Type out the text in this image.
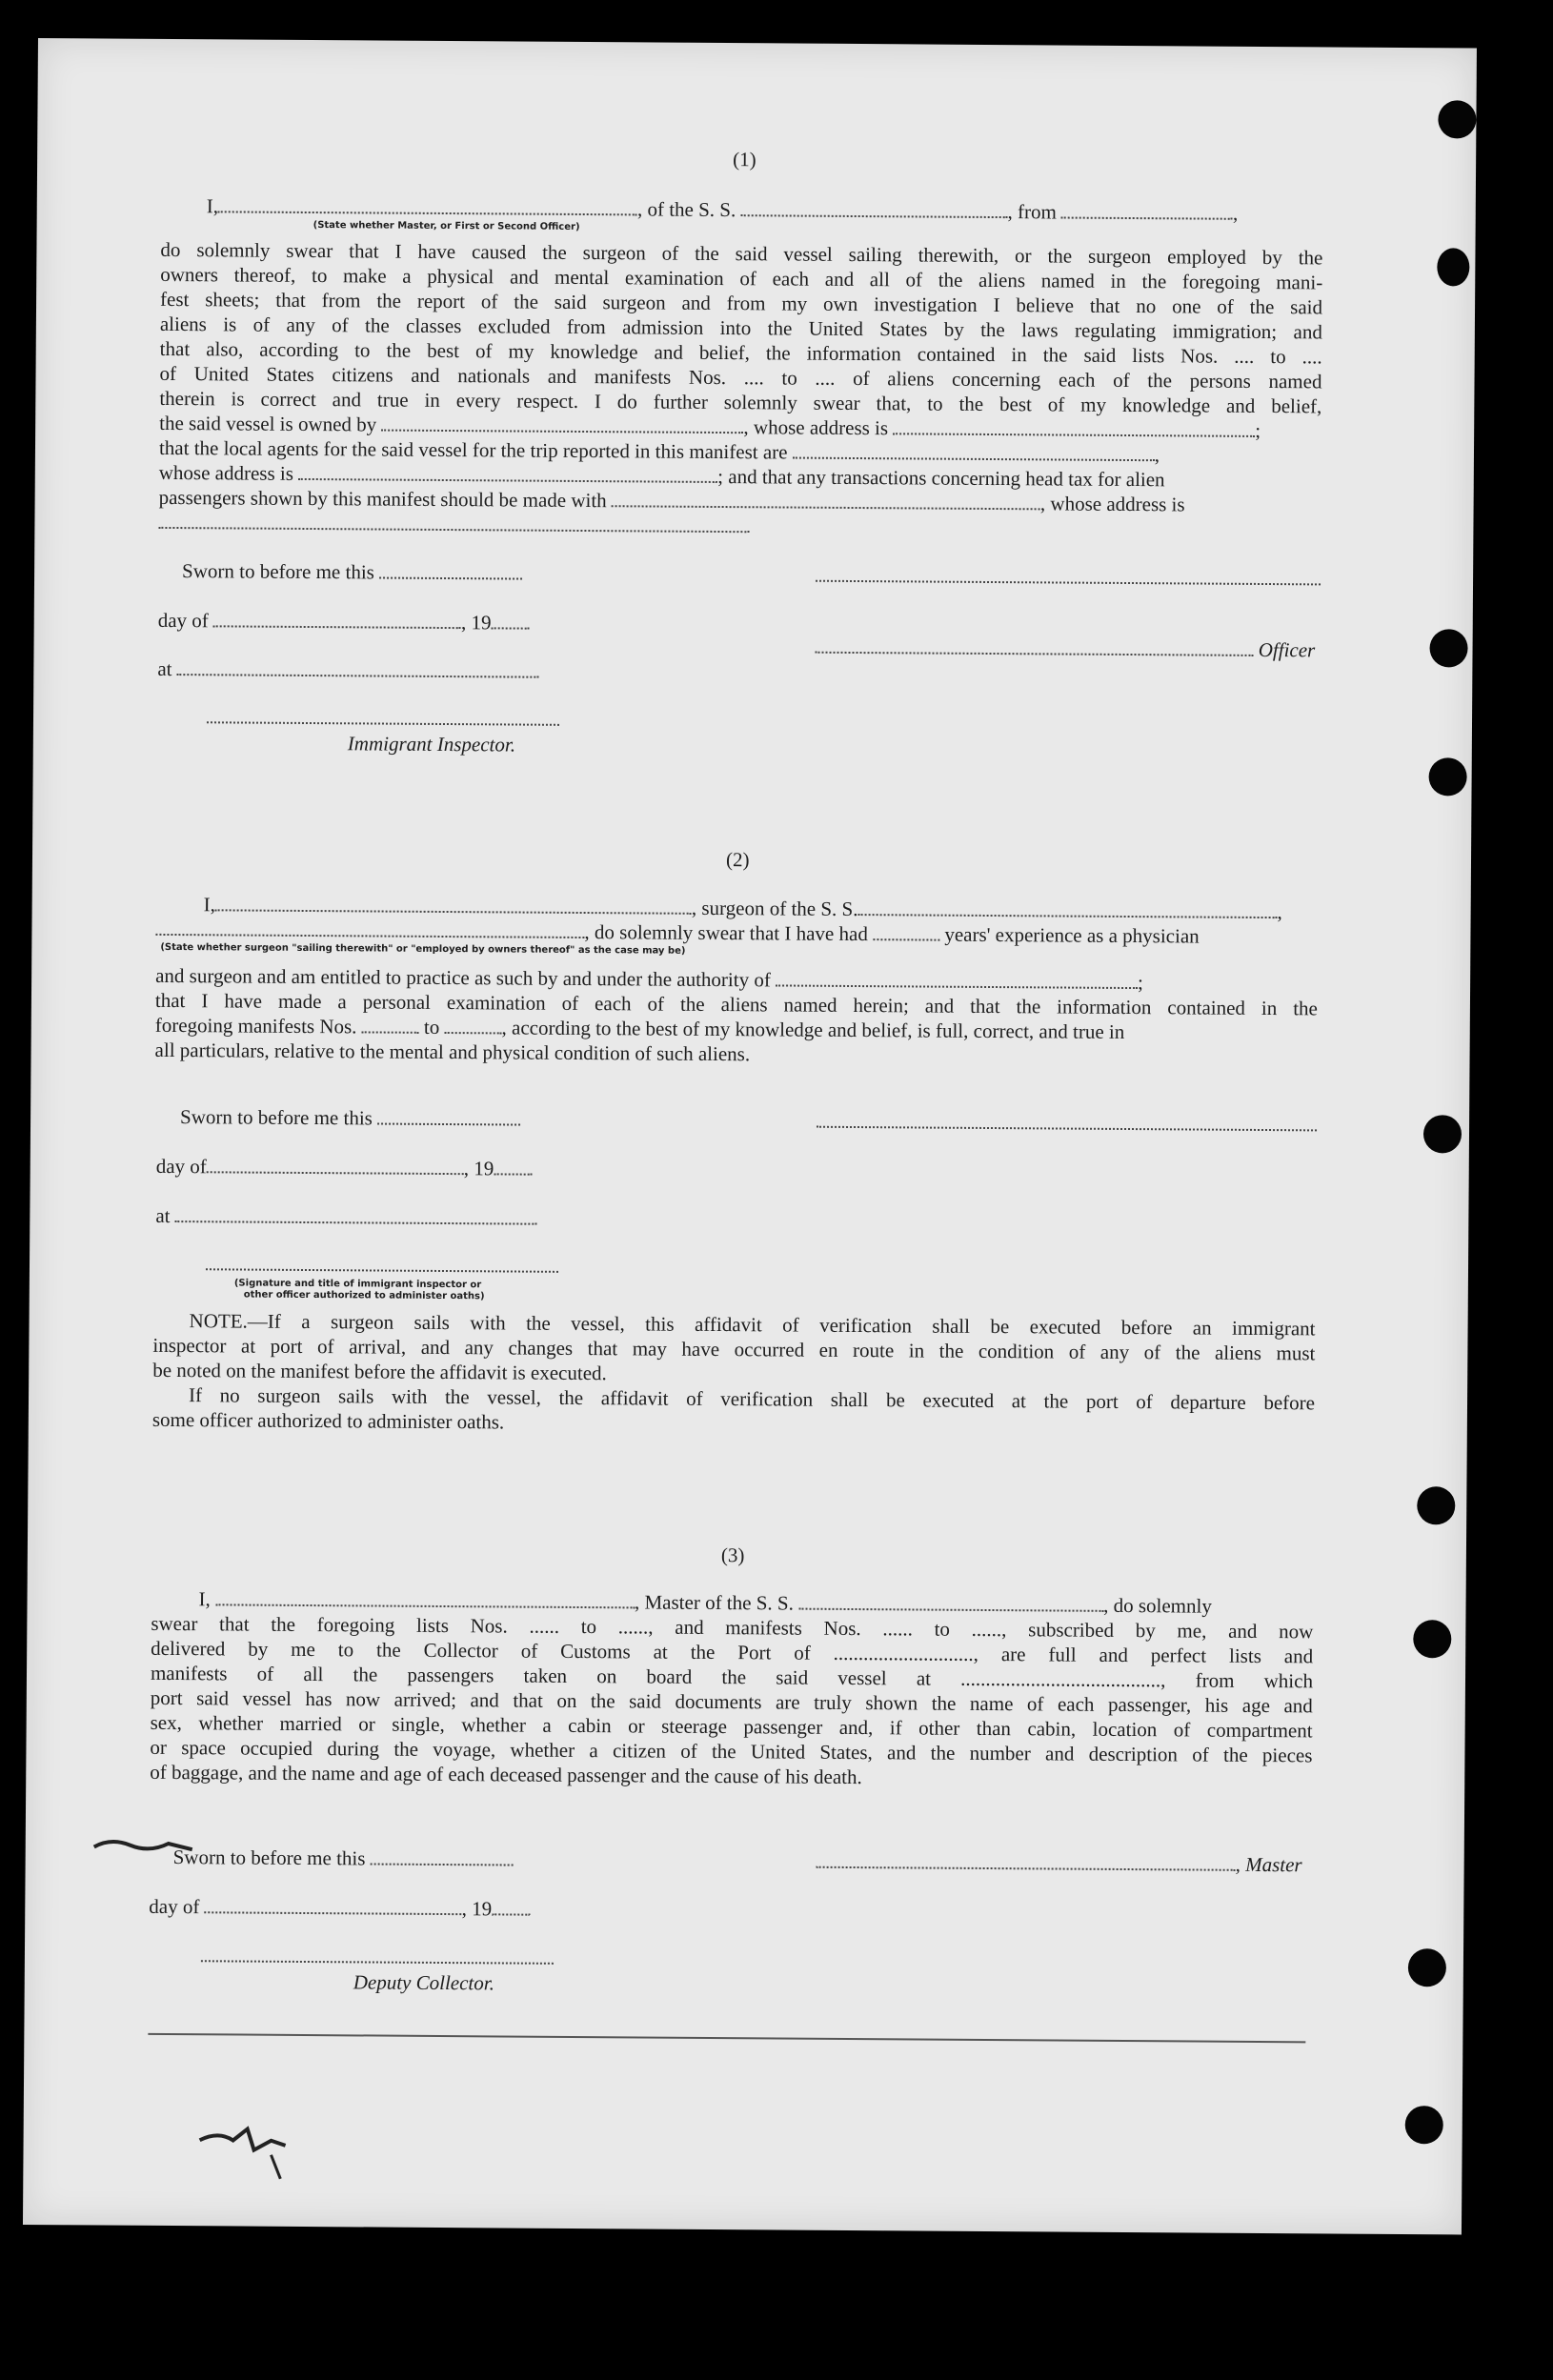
(1)
I,	, of the S. S.	, from	,
(State whether Master, or First or Second Officer)
do solemnly swear that I have caused the surgeon of the said vessel sailing therewith, or the surgeon employed by the
owners thereof, to make a physical and mental examination of each and all of the aliens named in the foregoing mani-
fest sheets; that from the report of the said surgeon and from my own investigation I believe that no one of the said
aliens is of any of the classes excluded from admission into the United States by the laws regulating immigration; and
that also, according to the best of my knowledge and belief, the information contained in the said lists Nos. .... to ....
of United States citizens and nationals and manifests Nos. .... to .... of aliens concerning each of the persons named
therein is correct and true in every respect. I do further solemnly swear that, to the best of my knowledge and belief,
the said vessel is owned by	, whose address is	;
that the local agents for the said vessel for the trip reported in this manifest are	,
whose address is	; and that any transactions concerning head tax for alien
passengers shown by this manifest should be made with	, whose address is
Sworn to before me this
day of	, 19
Officer
at
Immigrant Inspector.
(2)
I,	, surgeon of the S. S.	,
, do solemnly swear that I have had	years' experience as a physician
(State whether surgeon "sailing therewith" or "employed by owners thereof" as the case may be)
and surgeon and am entitled to practice as such by and under the authority of	;
that I have made a personal examination of each of the aliens named herein; and that the information contained in the
foregoing manifests Nos.	to	, according to the best of my knowledge and belief, is full, correct, and true in
all particulars, relative to the mental and physical condition of such aliens.
Sworn to before me this
day of	, 19
at
(Signature and title of immigrant inspector or
other officer authorized to administer oaths)
NOTE.—If a surgeon sails with the vessel, this affidavit of verification shall be executed before an immigrant
inspector at port of arrival, and any changes that may have occurred en route in the condition of any of the aliens must
be noted on the manifest before the affidavit is executed.
If no surgeon sails with the vessel, the affidavit of verification shall be executed at the port of departure before
some officer authorized to administer oaths.
(3)
I,	, Master of the S. S.	, do solemnly
swear that the foregoing lists Nos. ...... to ......, and manifests Nos. ...... to ......, subscribed by me, and now
delivered by me to the Collector of Customs at the Port of ............................, are full and perfect lists and
manifests of all the passengers taken on board the said vessel at ........................................, from which
port said vessel has now arrived; and that on the said documents are truly shown the name of each passenger, his age and
sex, whether married or single, whether a cabin or steerage passenger and, if other than cabin, location of compartment
or space occupied during the voyage, whether a citizen of the United States, and the number and description of the pieces
of baggage, and the name and age of each deceased passenger and the cause of his death.
Sworn to before me this	, Master
day of	, 19
Deputy Collector.
